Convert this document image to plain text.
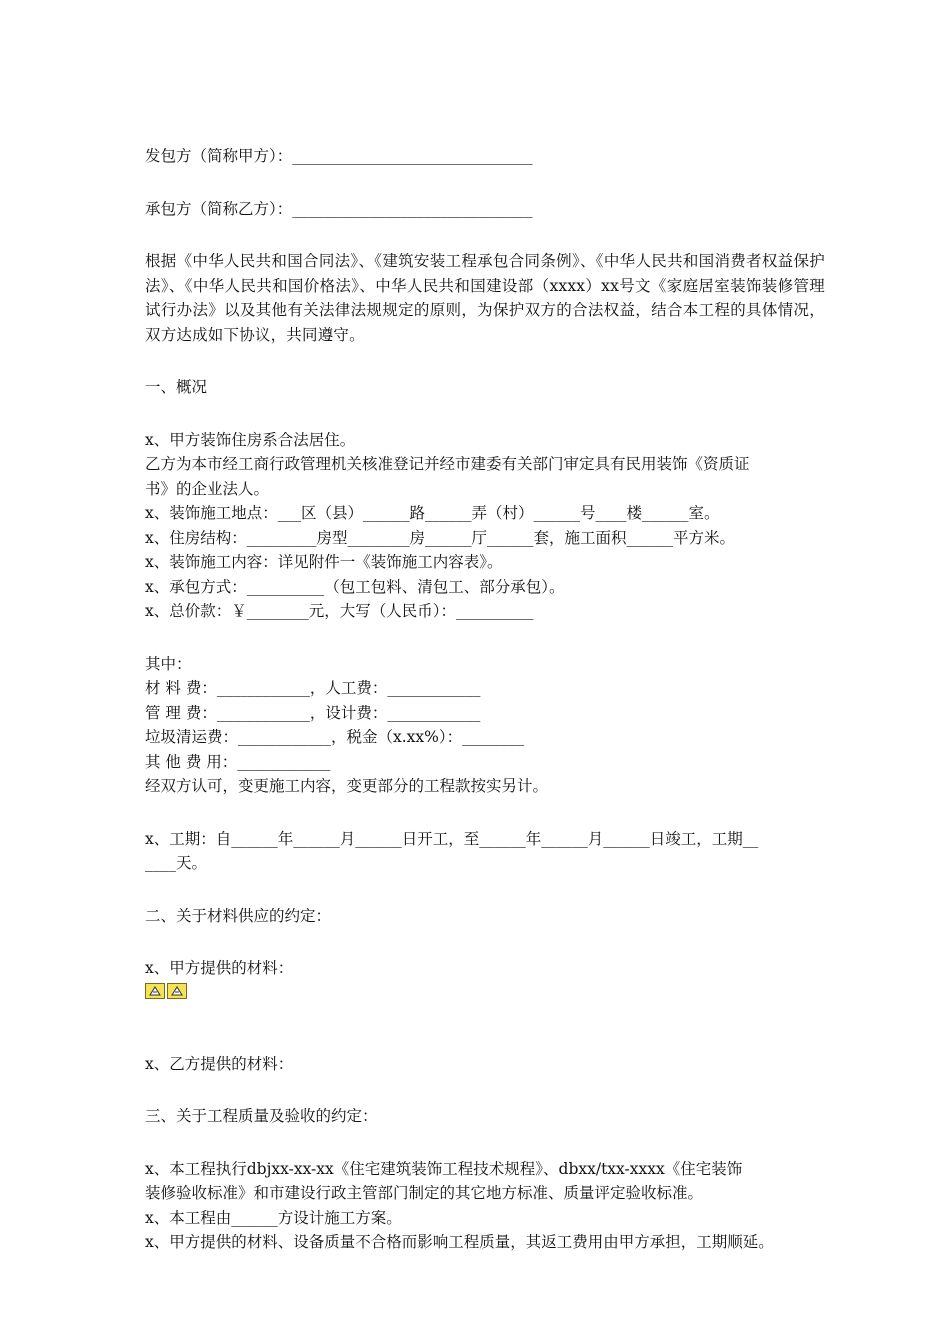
发包方（简称甲方）：_______________________________

承包方（简称乙方）：_______________________________

根据《中华人民共和国合同法》、《建筑安装工程承包合同条例》、《中华人民共和国消费者权益保护法》、《中华人民共和国价格法》、中华人民共和国建设部（xxxx）xx号文《家庭居室装饰装修管理试行办法》以及其他有关法律法规规定的原则，为保护双方的合法权益，结合本工程的具体情况，双方达成如下协议，共同遵守。

一、概况

x、甲方装饰住房系合法居住。

乙方为本市经工商行政管理机关核准登记并经市建委有关部门审定具有民用装饰《资质证

书》的企业法人。

x、装饰施工地点：___区（县）______路______弄（村）______号____楼______室。

x、住房结构：_________房型________房______厅______套，施工面积______平方米。

x、装饰施工内容：详见附件一《装饰施工内容表》。

x、承包方式：__________（包工包料、清包工、部分承包）。

x、总价款：￥________元，大写（人民币）：__________

其中：

材 料 费：____________，人工费：____________

管 理 费：____________，设计费：____________

垃圾清运费：____________，税金（x.xx%）：________

其 他 费 用：____________

经双方认可，变更施工内容，变更部分的工程款按实另计。

x、工期：自______年______月______日开工，至______年______月______日竣工，工期__

____天。

二、关于材料供应的约定：

x、甲方提供的材料：

x、乙方提供的材料：

三、关于工程质量及验收的约定：

x、本工程执行dbjxx-xx-xx《住宅建筑装饰工程技术规程》、dbxx/txx-xxxx《住宅装饰

装修验收标准》和市建设行政主管部门制定的其它地方标准、质量评定验收标准。

x、本工程由______方设计施工方案。

x、甲方提供的材料、设备质量不合格而影响工程质量，其返工费用由甲方承担，工期顺延。
